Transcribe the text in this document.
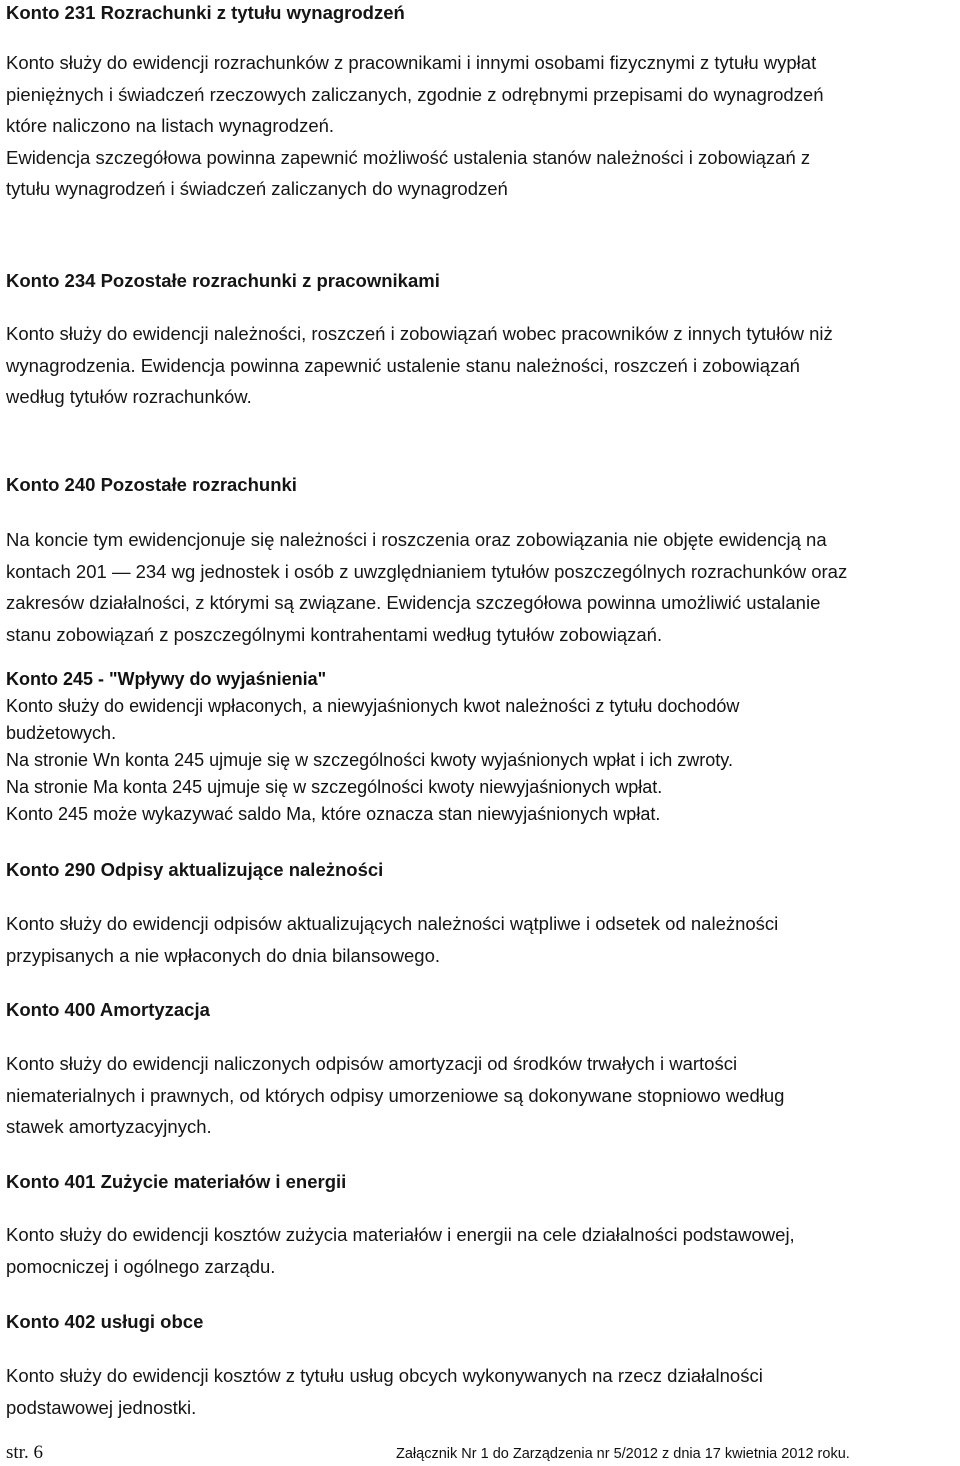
Konto 231 Rozrachunki z tytułu wynagrodzeń
Konto służy do ewidencji rozrachunków z pracownikami i innymi osobami fizycznymi z tytułu wypłat
pieniężnych i świadczeń rzeczowych zaliczanych, zgodnie z odrębnymi przepisami do wynagrodzeń
które naliczono na listach wynagrodzeń.
Ewidencja szczegółowa powinna zapewnić możliwość ustalenia stanów należności i zobowiązań z
tytułu wynagrodzeń i świadczeń zaliczanych do wynagrodzeń
Konto 234 Pozostałe rozrachunki z pracownikami
Konto służy do ewidencji należności, roszczeń i zobowiązań wobec pracowników z innych tytułów niż
wynagrodzenia. Ewidencja powinna zapewnić ustalenie stanu należności, roszczeń i zobowiązań
według tytułów rozrachunków.
Konto 240 Pozostałe rozrachunki
Na koncie tym ewidencjonuje się należności i roszczenia oraz zobowiązania nie objęte ewidencją na
kontach 201 — 234 wg jednostek i osób z uwzględnianiem tytułów poszczególnych rozrachunków oraz
zakresów działalności, z którymi są związane. Ewidencja szczegółowa powinna umożliwić ustalanie
stanu zobowiązań z poszczególnymi kontrahentami według tytułów zobowiązań.
Konto 245 - "Wpływy do wyjaśnienia"
Konto służy do ewidencji wpłaconych, a niewyjaśnionych kwot należności z tytułu dochodów
budżetowych.
Na stronie Wn konta 245 ujmuje się w szczególności kwoty wyjaśnionych wpłat i ich zwroty.
Na stronie Ma konta 245 ujmuje się w szczególności kwoty niewyjaśnionych wpłat.
Konto 245 może wykazywać saldo Ma, które oznacza stan niewyjaśnionych wpłat.
Konto 290 Odpisy aktualizujące należności
Konto służy do ewidencji odpisów aktualizujących należności wątpliwe i odsetek od należności
przypisanych a nie wpłaconych do dnia bilansowego.
Konto 400 Amortyzacja
Konto służy do ewidencji naliczonych odpisów amortyzacji od środków trwałych i wartości
niematerialnych i prawnych, od których odpisy umorzeniowe są dokonywane stopniowo według
stawek amortyzacyjnych.
Konto 401 Zużycie materiałów i energii
Konto służy do ewidencji kosztów zużycia materiałów i energii na cele działalności podstawowej,
pomocniczej i ogólnego zarządu.
Konto 402 usługi obce
Konto służy do ewidencji kosztów z tytułu usług obcych wykonywanych na rzecz działalności
podstawowej jednostki.
str. 6	Załącznik Nr 1 do Zarządzenia nr 5/2012 z dnia 17 kwietnia 2012 roku.
